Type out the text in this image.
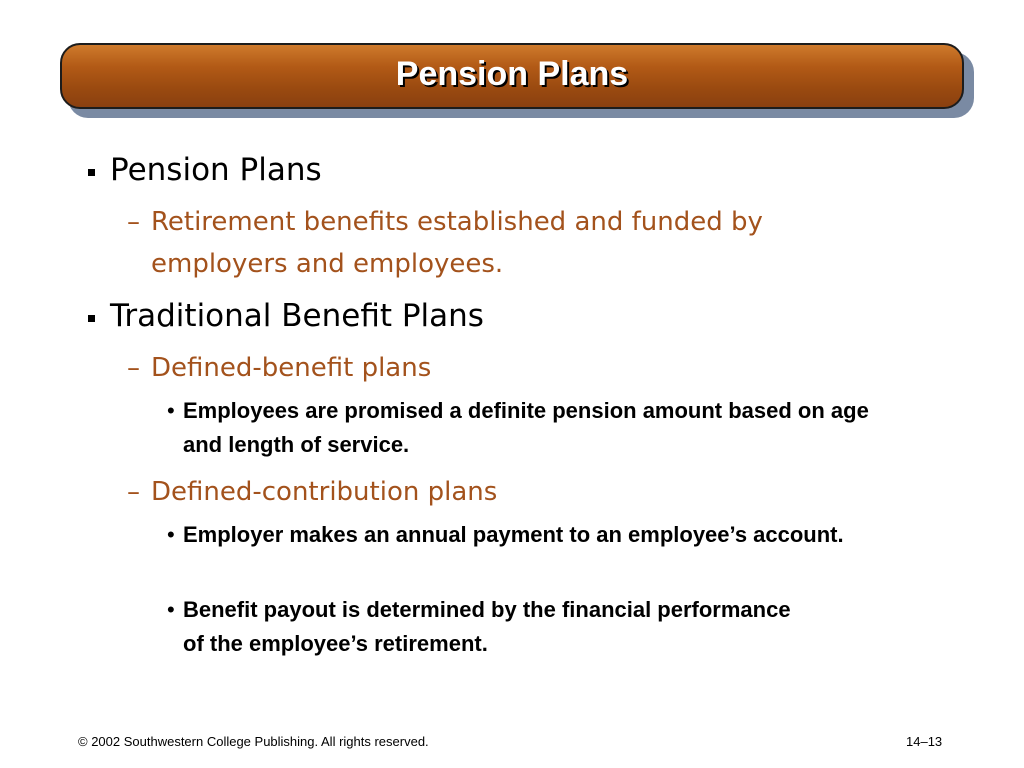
Pension Plans
Pension Plans
– Retirement benefits established and funded by employers and employees.
Traditional Benefit Plans
– Defined-benefit plans
• Employees are promised a definite pension amount based on age and length of service.
– Defined-contribution plans
• Employer makes an annual payment to an employee’s account.
• Benefit payout is determined by the financial performance of the employee’s retirement.
© 2002 Southwestern College Publishing. All rights reserved.	14–13
